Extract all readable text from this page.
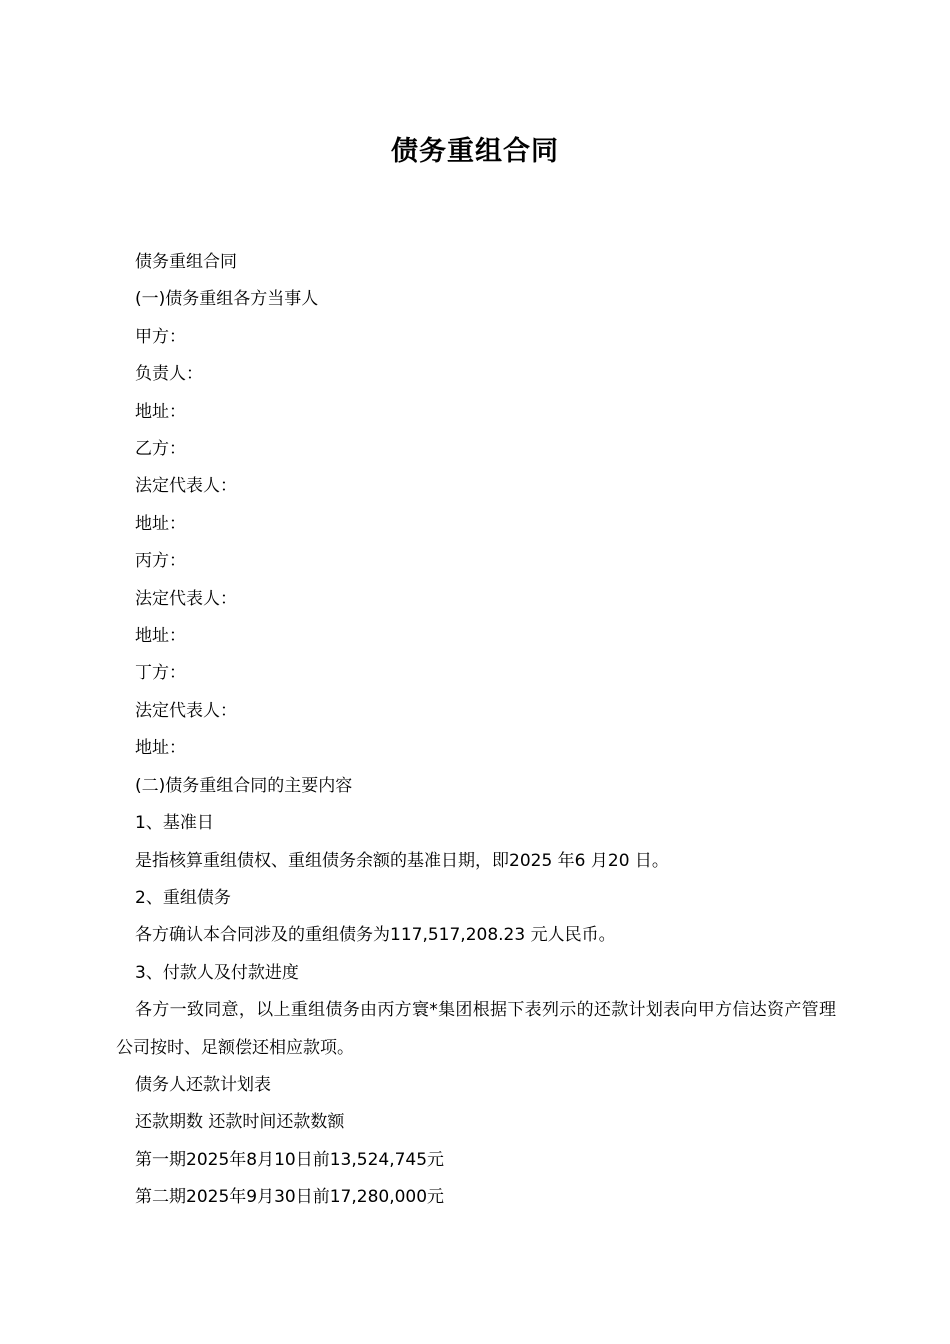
债务重组合同
债务重组合同
(一)债务重组各方当事人
甲方：
负责人：
地址：
乙方：
法定代表人：
地址：
丙方：
法定代表人：
地址：
丁方：
法定代表人：
地址：
(二)债务重组合同的主要内容
1、基准日
是指核算重组债权、重组债务余额的基准日期，即2025 年6 月20 日。
2、重组债务
各方确认本合同涉及的重组债务为117,517,208.23 元人民币。
3、付款人及付款进度
各方一致同意，以上重组债务由丙方寰*集团根据下表列示的还款计划表向甲方信达资产管理公司按时、足额偿还相应款项。
债务人还款计划表
还款期数 还款时间还款数额
第一期2025年8月10日前13,524,745元
第二期2025年9月30日前17,280,000元
